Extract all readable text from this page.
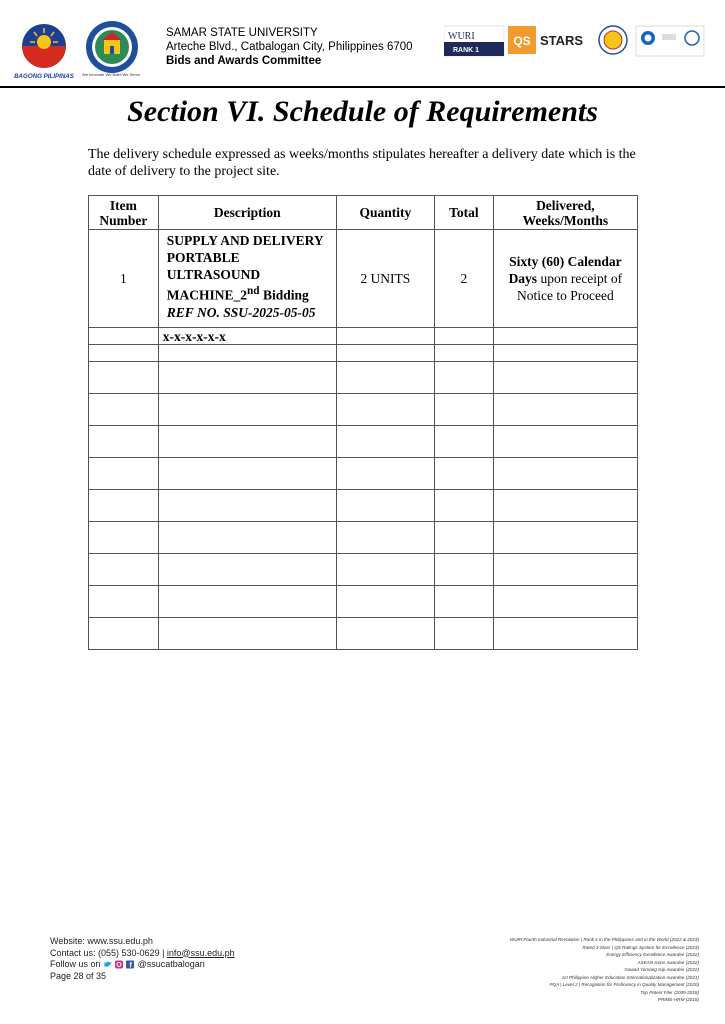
BAGONG PILIPINAS We Innovate We Build We Serve
SAMAR STATE UNIVERSITY
Arteche Blvd., Catbalogan City, Philippines 6700
Bids and Awards Committee
WURI
RANK 1
QS STARS
Section VI. Schedule of Requirements
The delivery schedule expressed as weeks/months stipulates hereafter a delivery date which is the date of delivery to the project site.
Item Number	Description	Quantity	Total	Delivered, Weeks/Months
1	SUPPLY AND DELIVERY PORTABLE ULTRASOUND MACHINE_2nd Bidding
REF NO. SSU-2025-05-05	2 UNITS	2	Sixty (60) Calendar Days upon receipt of Notice to Proceed
	x-x-x-x-x-x			

Website: www.ssu.edu.ph
Contact us: (055) 530-0629 | info@ssu.edu.ph
Follow us on	f @ssucatbalogan
Page 28 of 35
WURI Fourth Industrial Revolution | Rank 1 in the Philippines and in the World (2022 & 2023)
Rated 3 Stars | QS Ratings System for Excellence (2023)
Energy Efficiency Excellence Awardee (2022)
ASEAN Icons Awardee (2022)
Gawad Yamang Isip Awardee (2022)
1st Philippine Higher Education Internationalization Awardee (2021)
PQA | Level 2 | Recognition for Proficiency in Quality Management (2020)
Top Patent Filer (2009-2018)
PRIME-HRM (2018)
